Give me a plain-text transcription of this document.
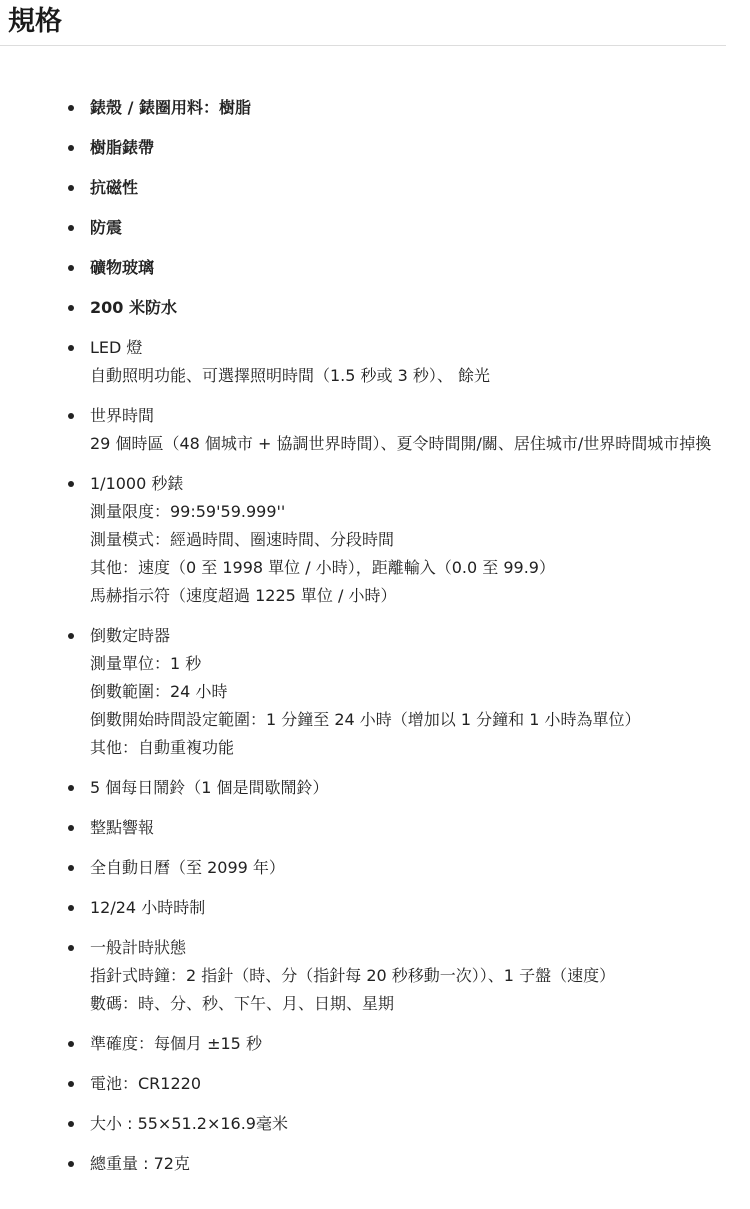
規格
錶殼 / 錶圈用料：樹脂
樹脂錶帶
抗磁性
防震
礦物玻璃
200 米防水
LED 燈
自動照明功能、可選擇照明時間（1.5 秒或 3 秒）、 餘光
世界時間
29 個時區（48 個城市 + 協調世界時間）、夏令時間開/關、居住城市/世界時間城市掉換
1/1000 秒錶
測量限度：99:59'59.999''
測量模式：經過時間、圈速時間、分段時間
其他：速度（0 至 1998 單位 / 小時），距離輸入（0.0 至 99.9）
馬赫指示符（速度超過 1225 單位 / 小時）
倒數定時器
測量單位：1 秒
倒數範圍：24 小時
倒數開始時間設定範圍：1 分鐘至 24 小時（增加以 1 分鐘和 1 小時為單位）
其他：自動重複功能
5 個每日鬧鈴（1 個是間歇鬧鈴）
整點響報
全自動日曆（至 2099 年）
12/24 小時時制
一般計時狀態
指針式時鐘：2 指針（時、分（指針每 20 秒移動一次））、1 子盤（速度）
數碼：時、分、秒、下午、月、日期、星期
準確度：每個月 ±15 秒
電池：CR1220
大小 : 55×51.2×16.9毫米
總重量 : 72克
